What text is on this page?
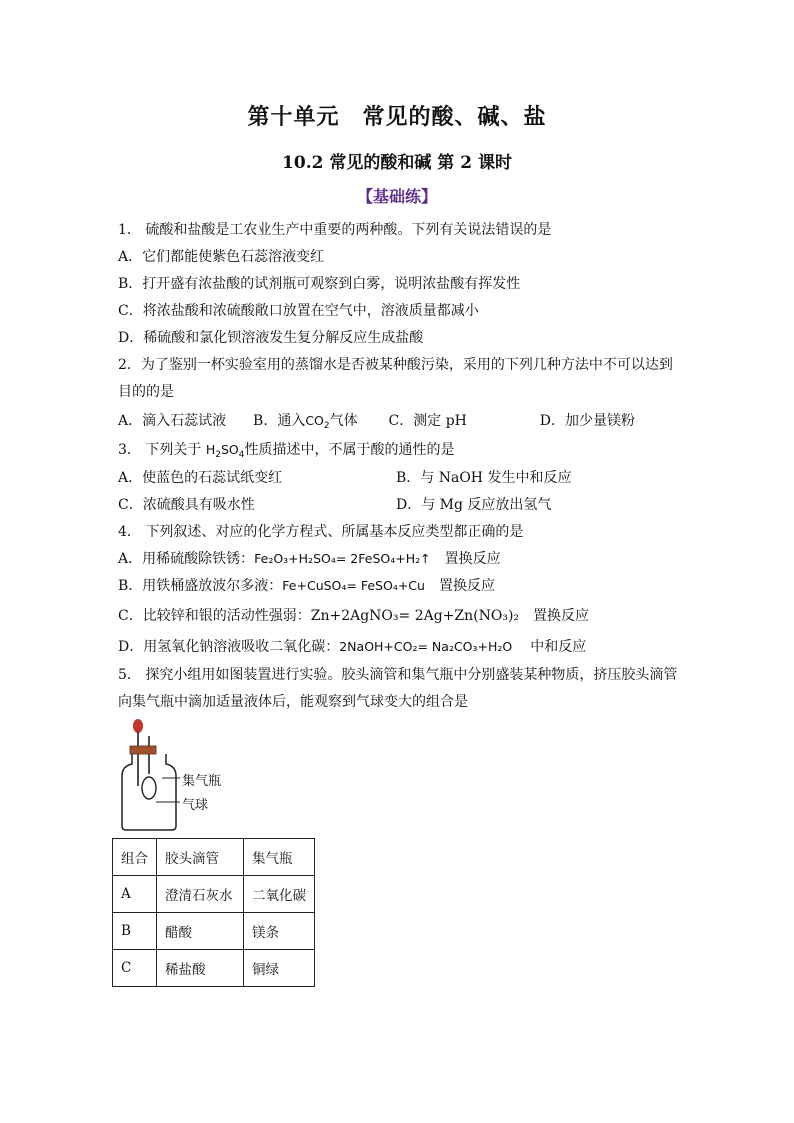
第十单元　常见的酸、碱、盐
10.2 常见的酸和碱 第 2 课时
【基础练】
1． 硫酸和盐酸是工农业生产中重要的两种酸。下列有关说法错误的是
A．它们都能使紫色石蕊溶液变红
B．打开盛有浓盐酸的试剂瓶可观察到白雾，说明浓盐酸有挥发性
C．将浓盐酸和浓硫酸敞口放置在空气中，溶液质量都减小
D．稀硫酸和氯化钡溶液发生复分解反应生成盐酸
2．为了鉴别一杯实验室用的蒸馏水是否被某种酸污染，采用的下列几种方法中不可以达到
目的的是
A．滴入石蕊试液 B．通入$CO_2$气体 C．测定 pH	D．加少量镁粉
3． 下列关于 $H_2SO_4$性质描述中，不属于酸的通性的是
A．使蓝色的石蕊试纸变红	B．与 NaOH 发生中和反应
C．浓硫酸具有吸水性	D．与 Mg 反应放出氢气
4． 下列叙述、对应的化学方程式、所属基本反应类型都正确的是
A．用稀硫酸除铁锈：Fe₂O₃+H₂SO₄= 2FeSO₄+H₂↑ 置换反应
B．用铁桶盛放波尔多液：Fe+CuSO₄= FeSO₄+Cu 置换反应
C．比较锌和银的活动性强弱：Zn+2AgNO₃= 2Ag+Zn(NO₃)₂ 置换反应
D．用氢氧化钠溶液吸收二氧化碳：2NaOH+CO₂= Na₂CO₃+H₂O 中和反应
5． 探究小组用如图装置进行实验。胶头滴管和集气瓶中分别盛装某种物质，挤压胶头滴管
向集气瓶中滴加适量液体后，能观察到气球变大的组合是
集气瓶
气球
组合	胶头滴管	集气瓶
A	澄清石灰水	二氧化碳
B	醋酸	镁条
C	稀盐酸	铜绿
